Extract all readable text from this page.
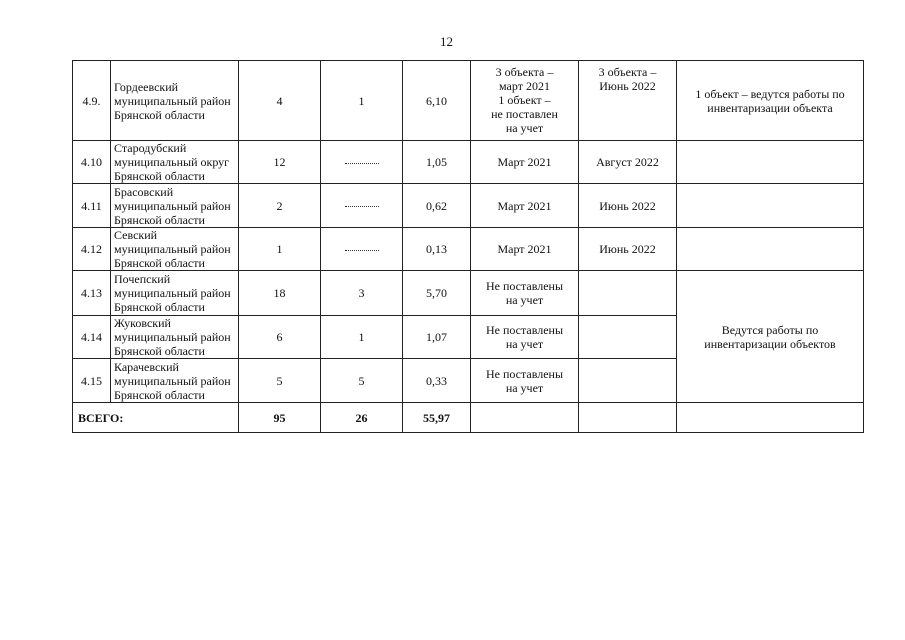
12
4.9.	Гордеевский
муниципальный район
Брянской области	4	1	6,10	3 объекта –
март 2021
1 объект –
не поставлен
на учет	3 объекта –
Июнь 2022	1 объект – ведутся работы по
инвентаризации объекта

4.10	Стародубский
муниципальный округ
Брянской области	12		1,05	Март 2021	Август 2022	

4.11	Брасовский
муниципальный район
Брянской области	2		0,62	Март 2021	Июнь 2022	

4.12	Севский
муниципальный район
Брянской области	1		0,13	Март 2021	Июнь 2022	

4.13	Почепский
муниципальный район
Брянской области	18	3	5,70	Не поставлены
на учет		Ведутся работы по
инвентаризации объектов

4.14	Жуковский
муниципальный район
Брянской области	6	1	1,07	Не поставлены
на учет		

4.15	Карачевский
муниципальный район
Брянской области	5	5	0,33	Не поставлены
на учет		

ВСЕГО:		95	26	55,97			
